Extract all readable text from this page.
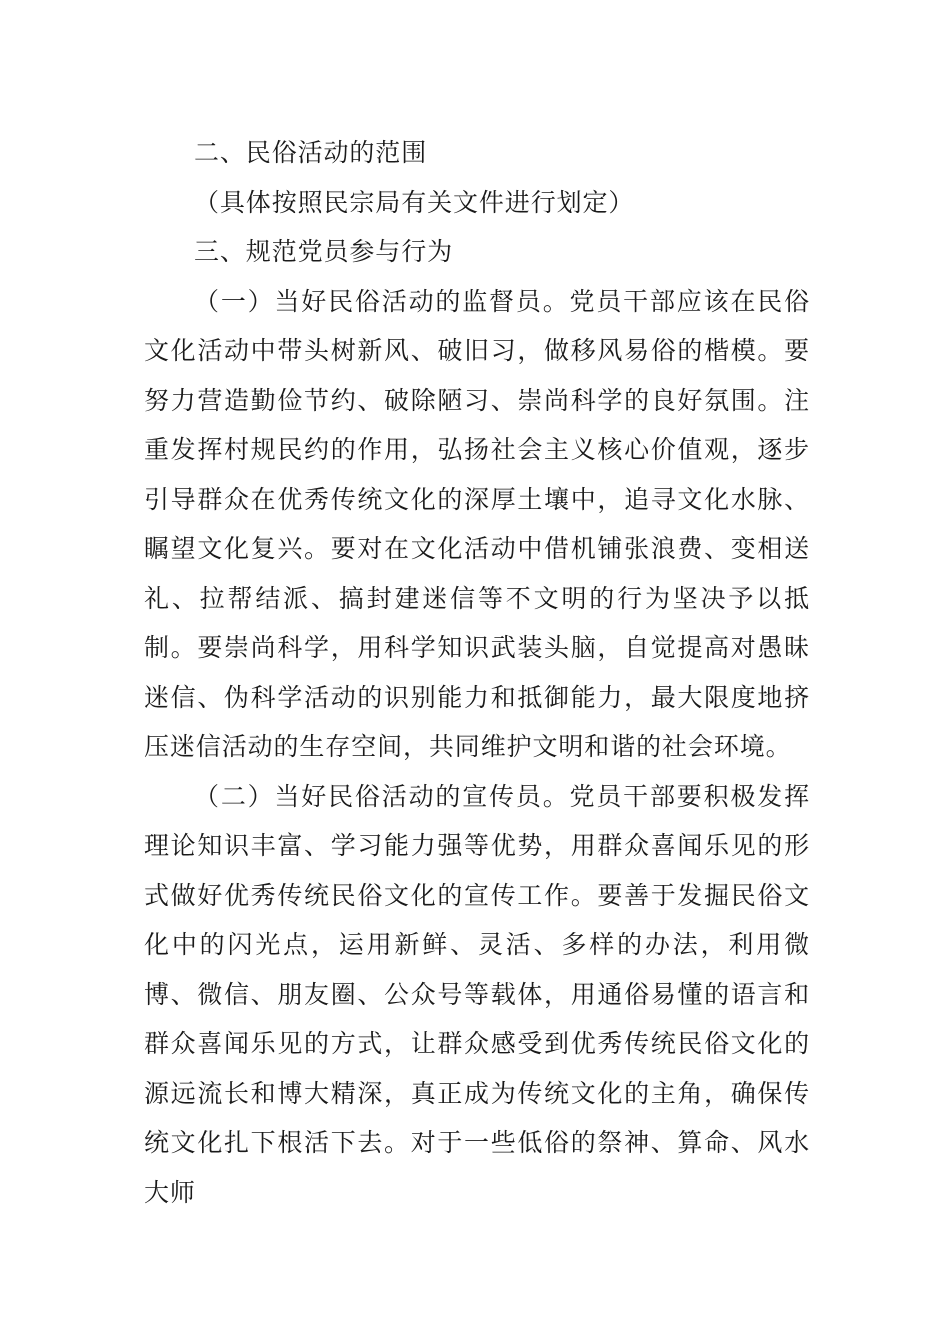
二、民俗活动的范围

（具体按照民宗局有关文件进行划定）

三、规范党员参与行为

（一）当好民俗活动的监督员。党员干部应该在民俗文化活动中带头树新风、破旧习，做移风易俗的楷模。要努力营造勤俭节约、破除陋习、崇尚科学的良好氛围。注重发挥村规民约的作用，弘扬社会主义核心价值观，逐步引导群众在优秀传统文化的深厚土壤中，追寻文化水脉、瞩望文化复兴。要对在文化活动中借机铺张浪费、变相送礼、拉帮结派、搞封建迷信等不文明的行为坚决予以抵制。要崇尚科学，用科学知识武装头脑，自觉提高对愚昧迷信、伪科学活动的识别能力和抵御能力，最大限度地挤压迷信活动的生存空间，共同维护文明和谐的社会环境。

（二）当好民俗活动的宣传员。党员干部要积极发挥理论知识丰富、学习能力强等优势，用群众喜闻乐见的形式做好优秀传统民俗文化的宣传工作。要善于发掘民俗文化中的闪光点，运用新鲜、灵活、多样的办法，利用微博、微信、朋友圈、公众号等载体，用通俗易懂的语言和群众喜闻乐见的方式，让群众感受到优秀传统民俗文化的源远流长和博大精深，真正成为传统文化的主角，确保传统文化扎下根活下去。对于一些低俗的祭神、算命、风水大师
